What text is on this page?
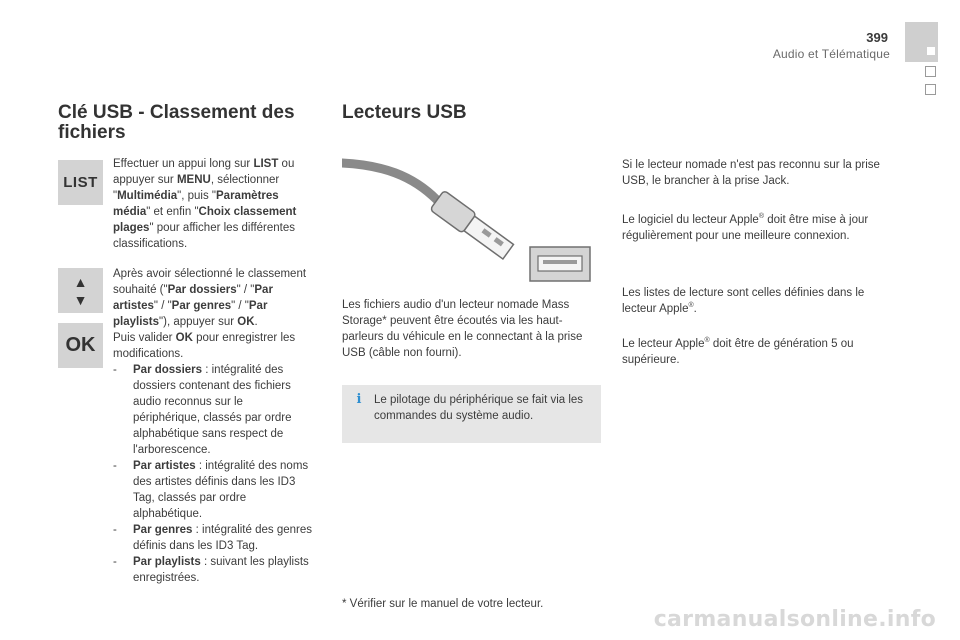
399
Audio et Télématique
Clé USB - Classement des fichiers
LIST
▲
▼
OK
Effectuer un appui long sur LIST ou appuyer sur MENU, sélectionner "Multimédia", puis "Paramètres média" et enfin "Choix classement plages" pour afficher les différentes classifications.
Après avoir sélectionné le classement souhaité ("Par dossiers" / "Par artistes" / "Par genres" / "Par playlists"), appuyer sur OK.
Puis valider OK pour enregistrer les modifications.
- Par dossiers : intégralité des dossiers contenant des fichiers audio reconnus sur le périphérique, classés par ordre alphabétique sans respect de l'arborescence.
- Par artistes : intégralité des noms des artistes définis dans les ID3 Tag, classés par ordre alphabétique.
- Par genres : intégralité des genres définis dans les ID3 Tag.
- Par playlists : suivant les playlists enregistrées.
Lecteurs USB
Les fichiers audio d'un lecteur nomade Mass Storage* peuvent être écoutés via les haut-parleurs du véhicule en le connectant à la prise USB (câble non fourni).
i	Le pilotage du périphérique se fait via les commandes du système audio.
* Vérifier sur le manuel de votre lecteur.
Si le lecteur nomade n'est pas reconnu sur la prise USB, le brancher à la prise Jack.
Le logiciel du lecteur Apple® doit être mise à jour régulièrement pour une meilleure connexion.
Les listes de lecture sont celles définies dans le lecteur Apple®.
Le lecteur Apple® doit être de génération 5 ou supérieure.
carmanualsonline.info
